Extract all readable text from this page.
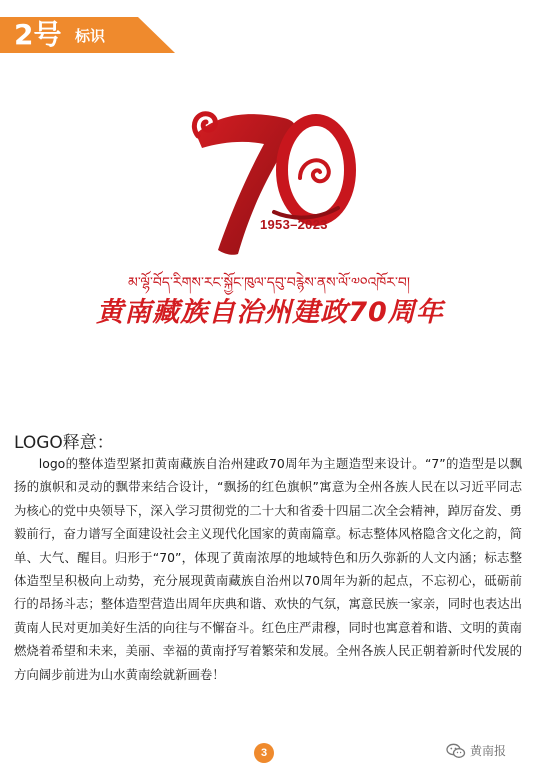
2号 标识
1953–2023
མ་ལྷོ་བོད་རིགས་རང་སྐྱོང་ཁུལ་དབུ་བརྙེས་ནས་ལོ་༧༠འཁོར་བ།
黄南藏族自治州建政70周年
LOGO释意：
logo的整体造型紧扣黄南藏族自治州建政70周年为主题造型来设计。“7”的造型是以飘扬的旗帜和灵动的飘带来结合设计，“飘扬的红色旗帜”寓意为全州各族人民在以习近平同志为核心的党中央领导下，深入学习贯彻党的二十大和省委十四届二次全会精神，踔厉奋发、勇毅前行，奋力谱写全面建设社会主义现代化国家的黄南篇章。标志整体风格隐含文化之韵，简单、大气、醒目。归形于“70”，体现了黄南浓厚的地域特色和历久弥新的人文内涵；标志整体造型呈积极向上动势，充分展现黄南藏族自治州以70周年为新的起点，不忘初心，砥砺前行的昂扬斗志；整体造型营造出周年庆典和谐、欢快的气氛，寓意民族一家亲，同时也表达出黄南人民对更加美好生活的向往与不懈奋斗。红色庄严肃穆，同时也寓意着和谐、文明的黄南燃烧着希望和未来，美丽、幸福的黄南抒写着繁荣和发展。全州各族人民正朝着新时代发展的方向阔步前进为山水黄南绘就新画卷！
3	黄南报
